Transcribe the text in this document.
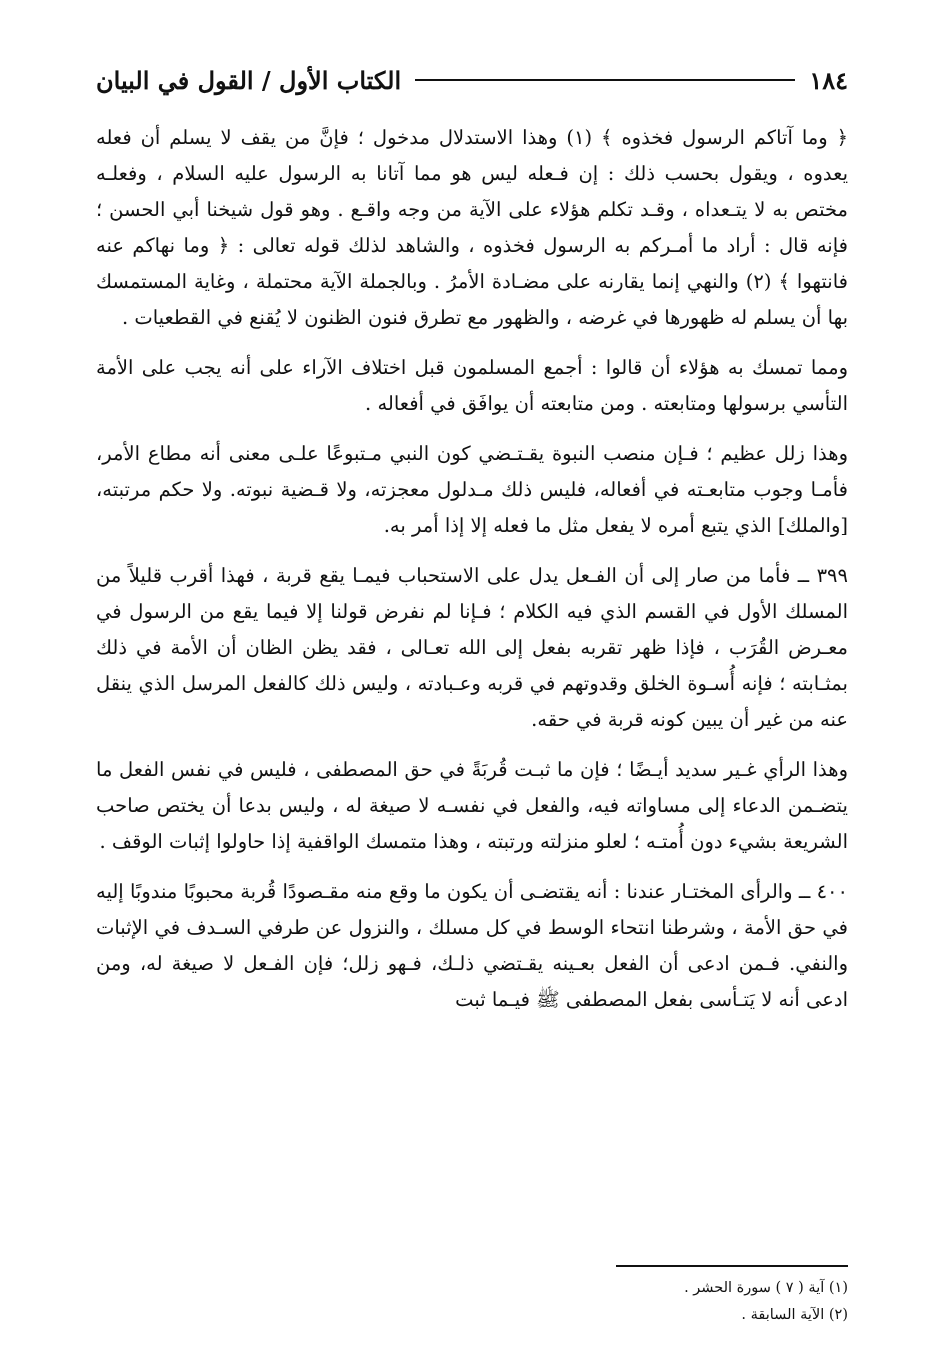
١٨٤
الكتاب الأول / القول في البيان

﴿ وما آتاكم الرسول فخذوه ﴾ (١) وهذا الاستدلال مدخول ؛ فإنَّ من يقف لا يسلم أن فعله يعدوه ، ويقول بحسب ذلك : إن فـعله ليس هو مما آتانا به الرسول عليه السلام ، وفعلـه مختص به لا يتـعداه ، وقـد تكلم هؤلاء على الآية من وجه واقـع . وهو قول شيخنا أبي الحسن ؛ فإنه قال : أراد ما أمـركم به الرسول فخذوه ، والشاهد لذلك قوله تعالى : ﴿ وما نهاكم عنه فانتهوا ﴾ (٢) والنهي إنما يقارنه على مضـادة الأمرُ . وبالجملة الآية محتملة ، وغاية المستمسك بها أن يسلم له ظهورها في غرضه ، والظهور مع تطرق فنون الظنون لا يُقنع في القطعيات .

ومما تمسك به هؤلاء أن قالوا : أجمع المسلمون قبل اختلاف الآراء على أنه يجب على الأمة التأسي برسولها ومتابعته . ومن متابعته أن يوافَق في أفعاله .

وهذا زلل عظيم ؛ فـإن منصب النبوة يقـتـضي كون النبي مـتبوعًا علـى معنى أنه مطاع الأمر، فأمـا وجوب متابعـته في أفعاله، فليس ذلك مـدلول معجزته، ولا قـضية نبوته. ولا حكم مرتبته، [والملك] الذي يتبع أمره لا يفعل مثل ما فعله إلا إذا أمر به.

٣٩٩ ــ فأما من صار إلى أن الفـعل يدل على الاستحباب فيمـا يقع قربة ، فهذا أقرب قليلاً من المسلك الأول في القسم الذي فيه الكلام ؛ فـإنا لم نفرض قولنا إلا فيما يقع من الرسول في معـرض القُرَب ، فإذا ظهر تقربه بفعل إلى الله تعـالى ، فقد يظن الظان أن الأمة في ذلك بمثـابته ؛ فإنه أُسـوة الخلق وقدوتهم في قربه وعـبادته ، وليس ذلك كالفعل المرسل الذي ينقل عنه من غير أن يبين كونه قربة في حقه.

وهذا الرأي غـير سديد أيـضًا ؛ فإن ما ثبـت قُربَةً في حق المصطفى ، فليس في نفس الفعل ما يتضـمن الدعاء إلى مساواته فيه، والفعل في نفسـه لا صيغة له ، وليس بدعا أن يختص صاحب الشريعة بشيء دون أُمتـه ؛ لعلو منزلته ورتبته ، وهذا متمسك الواقفية إذا حاولوا إثبات الوقف .

٤٠٠ ــ والرأى المختـار عندنا : أنه يقتضـى أن يكون ما وقع منه مقـصودًا قُربة محبوبًا مندوبًا إليه في حق الأمة ، وشرطنا انتحاء الوسط في كل مسلك ، والنزول عن طرفي السـدف في الإثبات والنفي. فـمن ادعى أن الفعل بعـينه يقـتضي ذلـك، فـهو زلل؛ فإن الفـعل لا صيغة له، ومن ادعى أنه لا يَتـأسى بفعل المصطفى ﷺ فيـما ثبت

(١) آية ( ٧ ) سورة الحشر .

(٢) الآية السابقة .
